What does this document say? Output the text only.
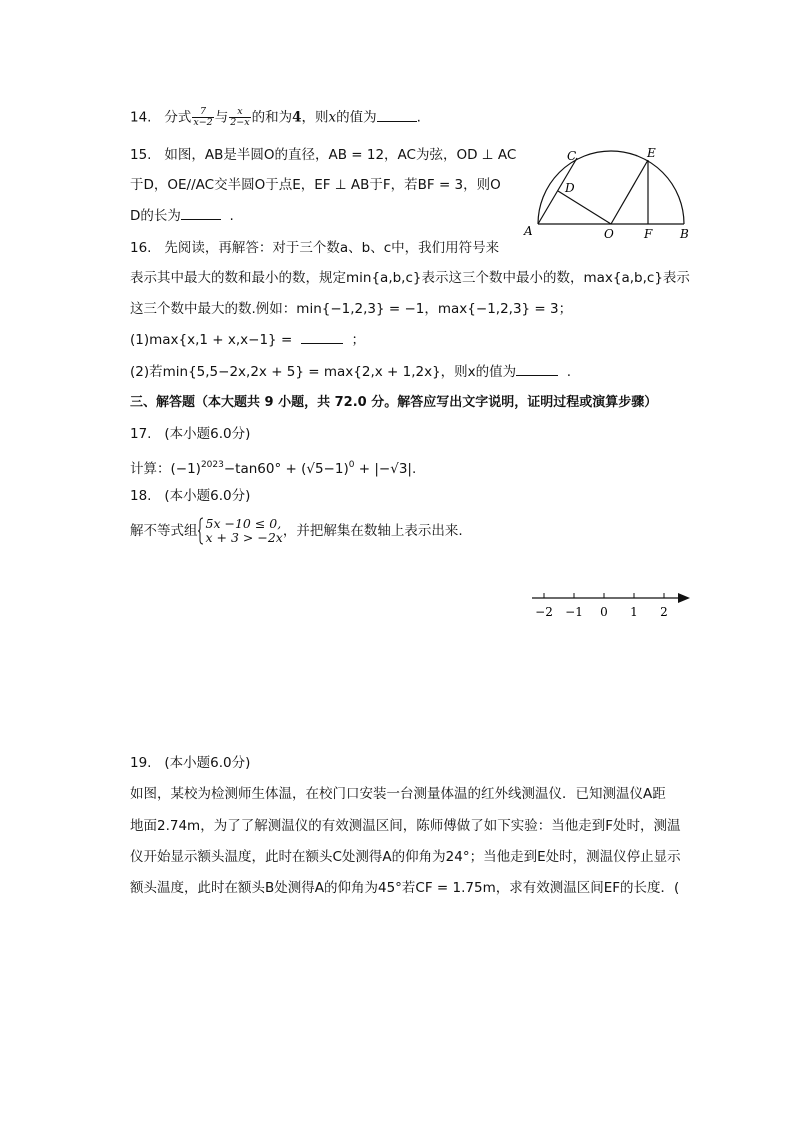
14. 分式 $\frac{7}{x-2}$ 与 $\frac{x}{2-x}$ 的和为4，则x的值为	.
15. 如图，AB是半圆O的直径，AB = 12，AC为弦，OD ⊥ AC
于D，OE//AC交半圆O于点E，EF ⊥ AB于F，若BF = 3，则O
D的长为	.
A	B
C
D
E
F
O
16. 先阅读，再解答：对于三个数a、b、c中，我们用符号来
表示其中最大的数和最小的数，规定min{a,b,c}表示这三个数中最小的数，max{a,b,c}表示
这三个数中最大的数.例如：min{−1,2,3} = −1，max{−1,2,3} = 3；
(1)max{x,1 + x,x−1} =	；
(2)若min{5,5−2x,2x + 5} = max{2,x + 1,2x}，则x的值为	.
三、解答题（本大题共 9 小题，共 72.0 分。解答应写出文字说明，证明过程或演算步骤）
17. (本小题6.0分)
计算：$(-1)^{2023}-\tan 60^\circ + (√5-1)^0 + |-√3|$.
18. (本小题6.0分)
解不等式组 5x −10 ≤ 0,
x + 3 > −2x ，并把解集在数轴上表示出来.
−2 −1 0 1 2
19. (本小题6.0分)
如图，某校为检测师生体温，在校门口安装一台测量体温的红外线测温仪．已知测温仪A距
地面2.74m，为了了解测温仪的有效测温区间，陈师傅做了如下实验：当他走到F处时，测温
仪开始显示额头温度，此时在额头C处测得A的仰角为24°；当他走到E处时，测温仪停止显示
额头温度，此时在额头B处测得A的仰角为45°若CF = 1.75m，求有效测温区间EF的长度．(
